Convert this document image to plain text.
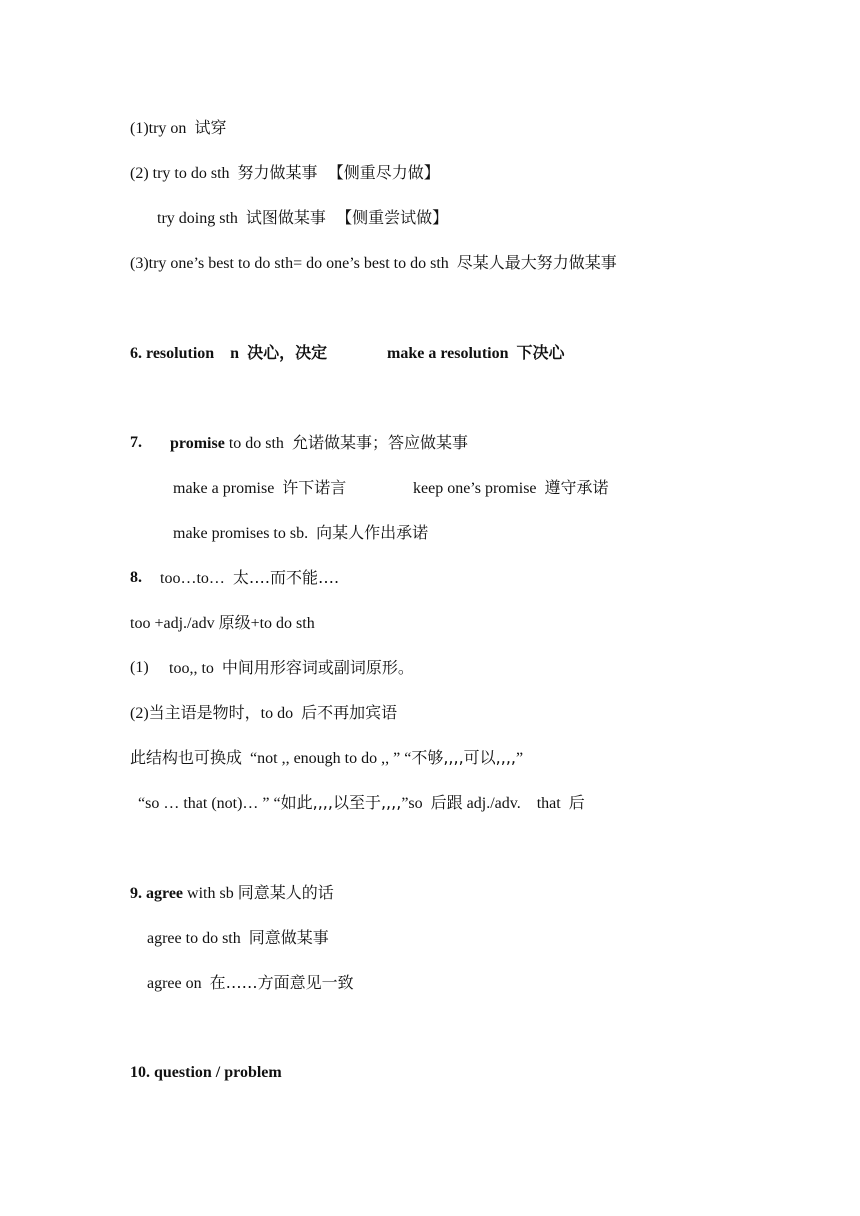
(1)try on  试穿
(2) try to do sth  努力做某事  【侧重尽力做】
try doing sth  试图做某事  【侧重尝试做】
(3)try one’s best to do sth= do one’s best to do sth  尽某人最大努力做某事
6. resolution    n  决心，决定	make a resolution  下决心
7. promise to do sth  允诺做某事；答应做某事
make a promise  许下诺言	keep one’s promise  遵守承诺
make promises to sb.  向某人作出承诺
8. too…to…  太….而不能….
too +adj./adv 原级+to do sth
(1) too,, to  中间用形容词或副词原形。
(2)当主语是物时，to do  后不再加宾语
此结构也可换成  “not ,, enough to do ,, ” “不够,,,,可以,,,,”
“so … that (not)… ” “如此,,,,以至于,,,,”so  后跟 adj./adv.    that  后
9. agree with sb 同意某人的话
agree to do sth  同意做某事
agree on  在……方面意见一致
10. question / problem
